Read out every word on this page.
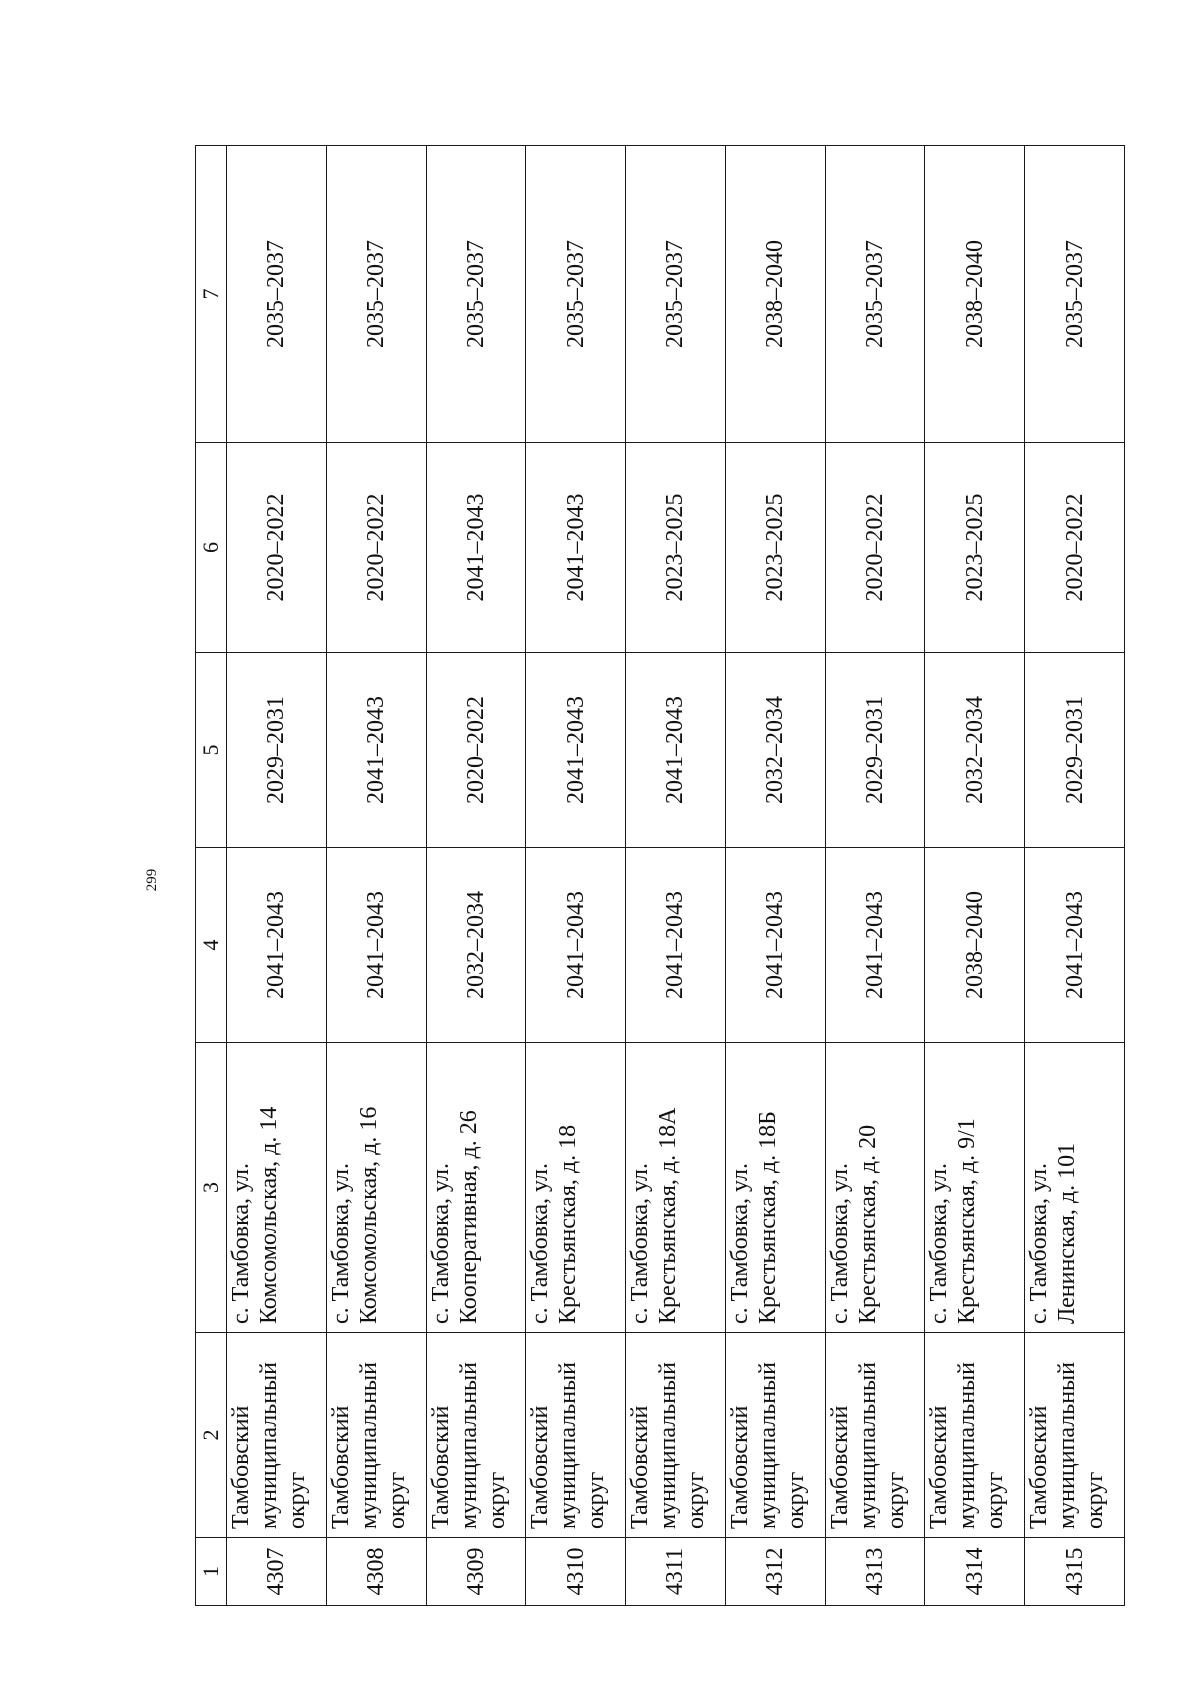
299
1	2	3	4	5	6	7
4307	Тамбовский муниципальный округ	с. Тамбовка, ул. Комсомольская, д. 14	2041–2043	2029–2031	2020–2022	2035–2037
4308	Тамбовский муниципальный округ	с. Тамбовка, ул. Комсомольская, д. 16	2041–2043	2041–2043	2020–2022	2035–2037
4309	Тамбовский муниципальный округ	с. Тамбовка, ул. Кооперативная, д. 26	2032–2034	2020–2022	2041–2043	2035–2037
4310	Тамбовский муниципальный округ	с. Тамбовка, ул. Крестьянская, д. 18	2041–2043	2041–2043	2041–2043	2035–2037
4311	Тамбовский муниципальный округ	с. Тамбовка, ул. Крестьянская, д. 18А	2041–2043	2041–2043	2023–2025	2035–2037
4312	Тамбовский муниципальный округ	с. Тамбовка, ул. Крестьянская, д. 18Б	2041–2043	2032–2034	2023–2025	2038–2040
4313	Тамбовский муниципальный округ	с. Тамбовка, ул. Крестьянская, д. 20	2041–2043	2029–2031	2020–2022	2035–2037
4314	Тамбовский муниципальный округ	с. Тамбовка, ул. Крестьянская, д. 9/1	2038–2040	2032–2034	2023–2025	2038–2040
4315	Тамбовский муниципальный округ	с. Тамбовка, ул. Ленинская, д. 101	2041–2043	2029–2031	2020–2022	2035–2037
